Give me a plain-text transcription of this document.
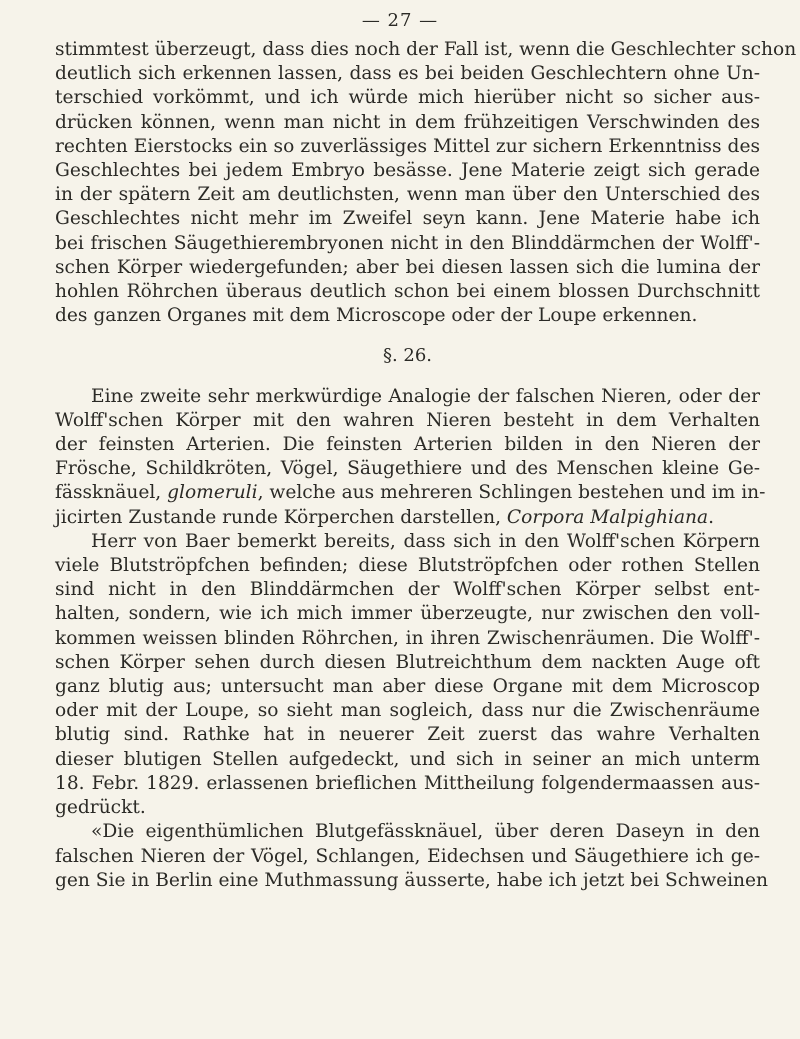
— 27 —
stimmtest überzeugt, dass dies noch der Fall ist, wenn die Geschlechter schon
deutlich sich erkennen lassen, dass es bei beiden Geschlechtern ohne Un-
terschied vorkömmt, und ich würde mich hierüber nicht so sicher aus-
drücken können, wenn man nicht in dem frühzeitigen Verschwinden des
rechten Eierstocks ein so zuverlässiges Mittel zur sichern Erkenntniss des
Geschlechtes bei jedem Embryo besässe. Jene Materie zeigt sich gerade
in der spätern Zeit am deutlichsten, wenn man über den Unterschied des
Geschlechtes nicht mehr im Zweifel seyn kann. Jene Materie habe ich
bei frischen Säugethierembryonen nicht in den Blinddärmchen der Wolff'-
schen Körper wiedergefunden; aber bei diesen lassen sich die lumina der
hohlen Röhrchen überaus deutlich schon bei einem blossen Durchschnitt
des ganzen Organes mit dem Microscope oder der Loupe erkennen.
§. 26.
Eine zweite sehr merkwürdige Analogie der falschen Nieren, oder der
Wolff'schen Körper mit den wahren Nieren besteht in dem Verhalten
der feinsten Arterien. Die feinsten Arterien bilden in den Nieren der
Frösche, Schildkröten, Vögel, Säugethiere und des Menschen kleine Ge-
fässknäuel, glomeruli, welche aus mehreren Schlingen bestehen und im in-
jicirten Zustande runde Körperchen darstellen, Corpora Malpighiana.
Herr von Baer bemerkt bereits, dass sich in den Wolff'schen Körpern
viele Blutströpfchen befinden; diese Blutströpfchen oder rothen Stellen
sind nicht in den Blinddärmchen der Wolff'schen Körper selbst ent-
halten, sondern, wie ich mich immer überzeugte, nur zwischen den voll-
kommen weissen blinden Röhrchen, in ihren Zwischenräumen. Die Wolff'-
schen Körper sehen durch diesen Blutreichthum dem nackten Auge oft
ganz blutig aus; untersucht man aber diese Organe mit dem Microscop
oder mit der Loupe, so sieht man sogleich, dass nur die Zwischenräume
blutig sind. Rathke hat in neuerer Zeit zuerst das wahre Verhalten
dieser blutigen Stellen aufgedeckt, und sich in seiner an mich unterm
18. Febr. 1829. erlassenen brieflichen Mittheilung folgendermaassen aus-
gedrückt.
«Die eigenthümlichen Blutgefässknäuel, über deren Daseyn in den
falschen Nieren der Vögel, Schlangen, Eidechsen und Säugethiere ich ge-
gen Sie in Berlin eine Muthmassung äusserte, habe ich jetzt bei Schweinen
